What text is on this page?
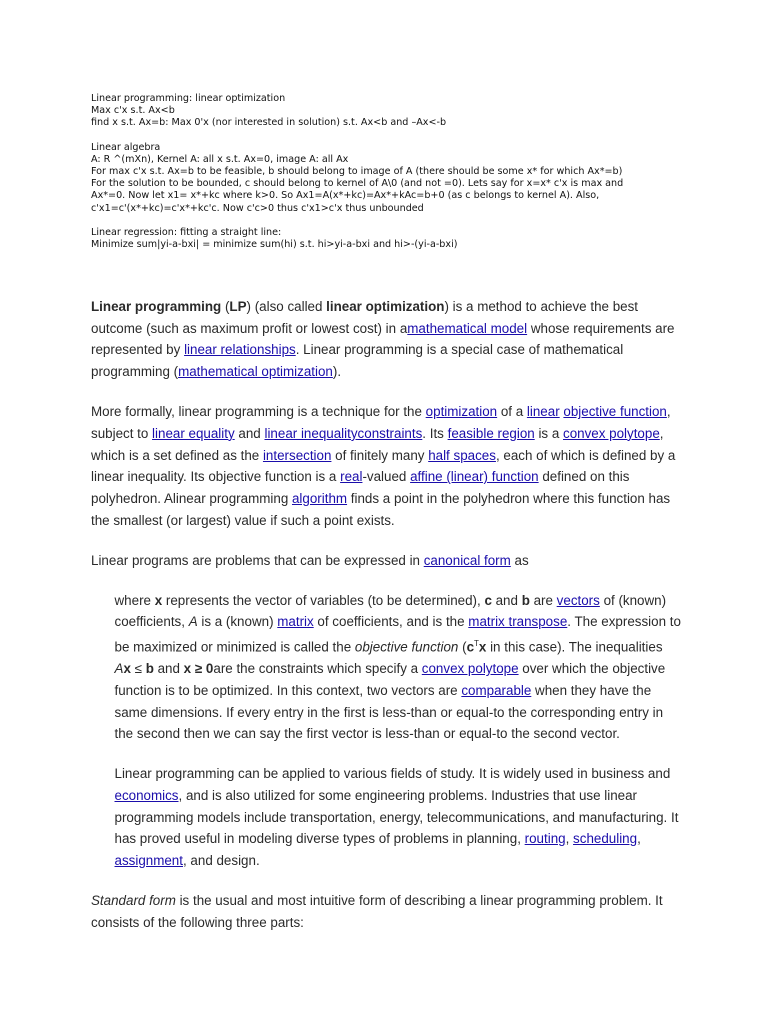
Linear programming: linear optimization
Max c'x s.t. Ax<b
find x s.t. Ax=b: Max 0'x (nor interested in solution) s.t. Ax<b and –Ax<-b
Linear algebra
A: R ^(mXn), Kernel A: all x s.t. Ax=0, image A: all Ax
For max c'x s.t. Ax=b to be feasible, b should belong to image of A (there should be some x* for which Ax*=b)
For the solution to be bounded, c should belong to kernel of A\0 (and not =0). Lets say for x=x* c'x is max and
Ax*=0. Now let x1= x*+kc where k>0. So Ax1=A(x*+kc)=Ax*+kAc=b+0 (as c belongs to kernel A). Also,
c'x1=c'(x*+kc)=c'x*+kc'c. Now c'c>0 thus c'x1>c'x thus unbounded
Linear regression: fitting a straight line:
Minimize sum|yi-a-bxi| = minimize sum(hi) s.t. hi>yi-a-bxi and hi>-(yi-a-bxi)

Linear programming (LP) (also called linear optimization) is a method to achieve the best outcome (such as maximum profit or lowest cost) in amathematical model whose requirements are represented by linear relationships. Linear programming is a special case of mathematical programming (mathematical optimization).

More formally, linear programming is a technique for the optimization of a linear objective function, subject to linear equality and linear inequalityconstraints. Its feasible region is a convex polytope, which is a set defined as the intersection of finitely many half spaces, each of which is defined by a linear inequality. Its objective function is a real-valued affine (linear) function defined on this polyhedron. Alinear programming algorithm finds a point in the polyhedron where this function has the smallest (or largest) value if such a point exists.

Linear programs are problems that can be expressed in canonical form as

where x represents the vector of variables (to be determined), c and b are vectors of (known) coefficients, A is a (known) matrix of coefficients, and is the matrix transpose. The expression to be maximized or minimized is called the objective function ($c^Tx$ in this case). The inequalities Ax ≤ b and x ≥ 0are the constraints which specify a convex polytope over which the objective function is to be optimized. In this context, two vectors are comparable when they have the same dimensions. If every entry in the first is less-than or equal-to the corresponding entry in the second then we can say the first vector is less-than or equal-to the second vector.

Linear programming can be applied to various fields of study. It is widely used in business and economics, and is also utilized for some engineering problems. Industries that use linear programming models include transportation, energy, telecommunications, and manufacturing. It has proved useful in modeling diverse types of problems in planning, routing, scheduling, assignment, and design.

Standard form is the usual and most intuitive form of describing a linear programming problem. It consists of the following three parts:
